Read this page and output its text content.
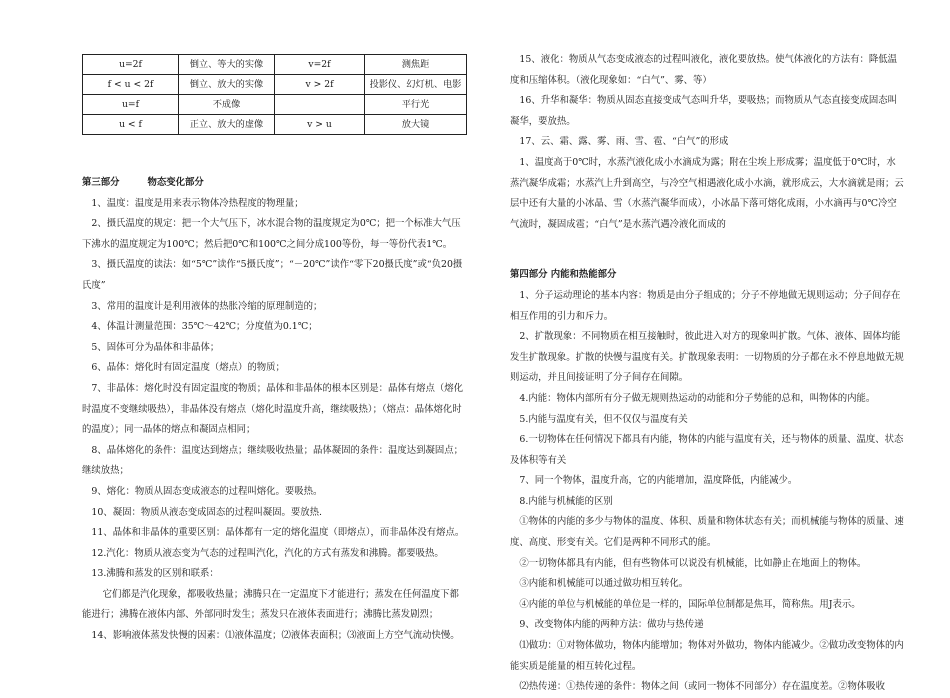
u=2f	倒立、等大的实像	v=2f	测焦距
f < u < 2f	倒立、放大的实像	v > 2f	投影仪、幻灯机、电影
u=f	不成像		平行光
u < f	正立、放大的虚像	v > u	放大镜

第三部分	物态变化部分

1、温度：温度是用来表示物体冷热程度的物理量；

2、摄氏温度的规定：把一个大气压下，冰水混合物的温度规定为0℃；把一个标准大气压下沸水的温度规定为100℃；然后把0℃和100℃之间分成100等份，每一等份代表1℃。

3、摄氏温度的读法：如“5℃”读作“5摄氏度”；“－20℃”读作“零下20摄氏度”或“负20摄氏度”

3、常用的温度计是利用液体的热胀冷缩的原理制造的；

4、体温计测量范围：35℃～42℃；分度值为0.1℃；

5、固体可分为晶体和非晶体；

6、晶体：熔化时有固定温度（熔点）的物质；

7、非晶体：熔化时没有固定温度的物质；晶体和非晶体的根本区别是：晶体有熔点（熔化时温度不变继续吸热），非晶体没有熔点（熔化时温度升高，继续吸热）；（熔点：晶体熔化时的温度）；同一晶体的熔点和凝固点相同；

8、晶体熔化的条件：温度达到熔点；继续吸收热量；晶体凝固的条件：温度达到凝固点；继续放热；

9、熔化：物质从固态变成液态的过程叫熔化。要吸热。

10、凝固：物质从液态变成固态的过程叫凝固。要放热.

11、晶体和非晶体的重要区别：晶体都有一定的熔化温度（即熔点），而非晶体没有熔点。

12.汽化：物质从液态变为气态的过程叫汽化，汽化的方式有蒸发和沸腾。都要吸热。

13.沸腾和蒸发的区别和联系：

它们都是汽化现象，都吸收热量；沸腾只在一定温度下才能进行；蒸发在任何温度下都能进行；沸腾在液体内部、外部同时发生；蒸发只在液体表面进行；沸腾比蒸发剧烈；

14、影响液体蒸发快慢的因素：⑴液体温度；⑵液体表面积；⑶液面上方空气流动快慢。

15、液化：物质从气态变成液态的过程叫液化，液化要放热。使气体液化的方法有：降低温度和压缩体积。（液化现象如：“白气”、雾、等）

16、升华和凝华：物质从固态直接变成气态叫升华，要吸热；而物质从气态直接变成固态叫凝华，要放热。

17、云、霜、露、雾、雨、雪、雹、“白气”的形成

1、温度高于0℃时，水蒸汽液化成小水滴成为露；附在尘埃上形成雾；温度低于0℃时，水蒸汽凝华成霜；水蒸汽上升到高空，与冷空气相遇液化成小水滴，就形成云，大水滴就是雨；云层中还有大量的小冰晶、雪（水蒸汽凝华而成），小冰晶下落可熔化成雨，小水滴再与0℃冷空气流时，凝固成雹；“白气”是水蒸汽遇冷液化而成的

第四部分 内能和热能部分

1、分子运动理论的基本内容：物质是由分子组成的；分子不停地做无规则运动；分子间存在相互作用的引力和斥力。

2、扩散现象：不同物质在相互接触时，彼此进入对方的现象叫扩散。气体、液体、固体均能发生扩散现象。扩散的快慢与温度有关。扩散现象表明：一切物质的分子都在永不停息地做无规则运动，并且间接证明了分子间存在间隙。

4.内能：物体内部所有分子做无规则热运动的动能和分子势能的总和，叫物体的内能。

5.内能与温度有关，但不仅仅与温度有关

6.一切物体在任何情况下都具有内能，物体的内能与温度有关，还与物体的质量、温度、状态及体积等有关

7、同一个物体，温度升高，它的内能增加，温度降低，内能减少。

8.内能与机械能的区别

①物体的内能的多少与物体的温度、体积、质量和物体状态有关；而机械能与物体的质量、速度、高度、形变有关。它们是两种不同形式的能。

②一切物体都具有内能，但有些物体可以说没有机械能，比如静止在地面上的物体。

③内能和机械能可以通过做功相互转化。

④内能的单位与机械能的单位是一样的，国际单位制都是焦耳，简称焦。用J表示。

9、改变物体内能的两种方法：做功与热传递

⑴做功：①对物体做功，物体内能增加；物体对外做功，物体内能减少。②做功改变物体的内能实质是能量的相互转化过程。

⑵热传递：①热传递的条件：物体之间（或同一物体不同部分）存在温度差。②物体吸收
